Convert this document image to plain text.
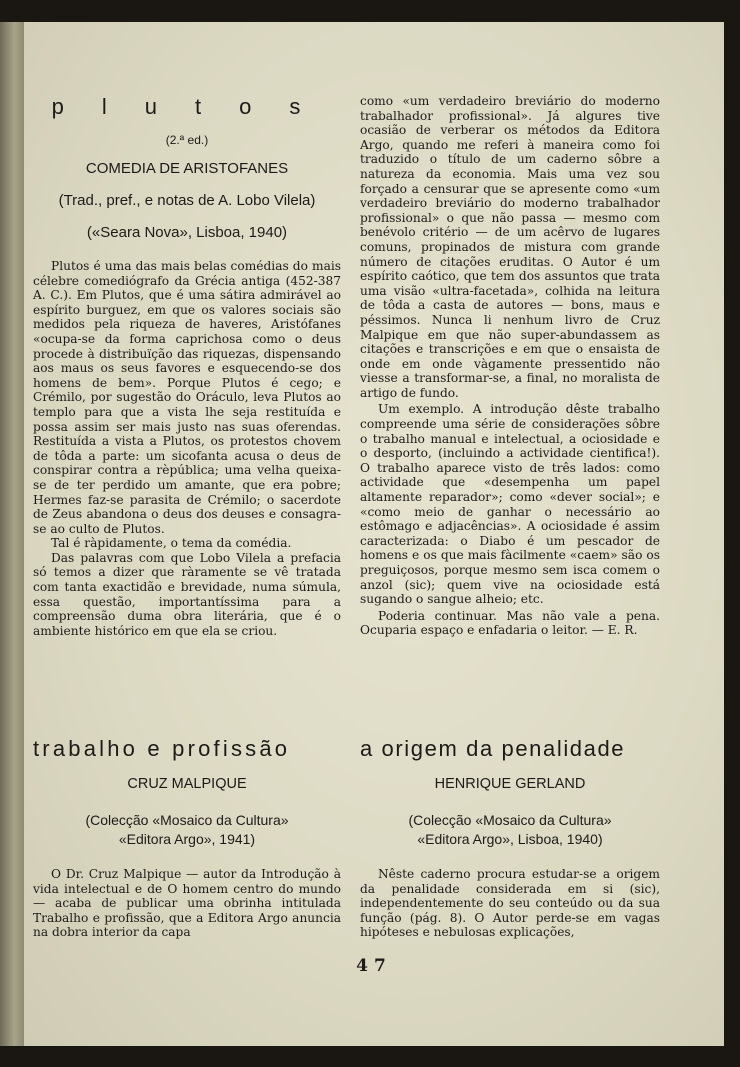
plutos
(2.ª ed.)
COMEDIA DE ARISTOFANES
(Trad., pref., e notas de A. Lobo Vilela)
(«Seara Nova», Lisboa, 1940)

Plutos é uma das mais belas comédias do mais célebre comediógrafo da Grécia antiga (452-387 A. C.). Em Plutos, que é uma sátira admirável ao espírito burguez, em que os valores sociais são medidos pela riqueza de haveres, Aristófanes «ocupa-se da forma caprichosa como o deus procede à distribuïção das riquezas, dispensando aos maus os seus favores e esquecendo-se dos homens de bem». Porque Plutos é cego; e Crémilo, por sugestão do Oráculo, leva Plutos ao templo para que a vista lhe seja restituída e possa assim ser mais justo nas suas oferendas. Restituída a vista a Plutos, os protestos chovem de tôda a parte: um sicofanta acusa o deus de conspirar contra a rèpública; uma velha queixa-se de ter perdido um amante, que era pobre; Hermes faz-se parasita de Crémilo; o sacerdote de Zeus abandona o deus dos deuses e consagra-se ao culto de Plutos.

Tal é ràpidamente, o tema da comédia.

Das palavras com que Lobo Vilela a prefacia só temos a dizer que ràramente se vê tratada com tanta exactidão e brevidade, numa súmula, essa questão, importantíssima para a compreensão duma obra literária, que é o ambiente histórico em que ela se criou.

como «um verdadeiro breviário do moderno trabalhador profissional». Já algures tive ocasião de verberar os métodos da Editora Argo, quando me referi à maneira como foi traduzido o título de um caderno sôbre a natureza da economia. Mais uma vez sou forçado a censurar que se apresente como «um verdadeiro breviário do moderno trabalhador profissional» o que não passa — mesmo com benévolo critério — de um acêrvo de lugares comuns, propinados de mistura com grande número de citações eruditas. O Autor é um espírito caótico, que tem dos assuntos que trata uma visão «ultra-facetada», colhida na leitura de tôda a casta de autores — bons, maus e péssimos. Nunca li nenhum livro de Cruz Malpique em que não super-abundassem as citações e transcrições e em que o ensaista de onde em onde vàgamente pressentido não viesse a transformar-se, a final, no moralista de artigo de fundo.

Um exemplo. A introdução dêste trabalho compreende uma série de considerações sôbre o trabalho manual e intelectual, a ociosidade e o desporto, (incluindo a actividade cientifica!). O trabalho aparece visto de três lados: como actividade que «desempenha um papel altamente reparador»; como «dever social»; e «como meio de ganhar o necessário ao estômago e adjacências». A ociosidade é assim caracterizada: o Diabo é um pescador de homens e os que mais fàcilmente «caem» são os preguiçosos, porque mesmo sem isca comem o anzol (sic); quem vive na ociosidade está sugando o sangue alheio; etc.

Poderia continuar. Mas não vale a pena. Ocuparia espaço e enfadaria o leitor. — E. R.

trabalho e profissão
CRUZ MALPIQUE
(Colecção «Mosaico da Cultura»
«Editora Argo», 1941)

O Dr. Cruz Malpique — autor da Introdução à vida intelectual e de O homem centro do mundo — acaba de publicar uma obrinha intitulada Trabalho e profissão, que a Editora Argo anuncia na dobra interior da capa

a origem da penalidade
HENRIQUE GERLAND
(Colecção «Mosaico da Cultura»
«Editora Argo», Lisboa, 1940)

Nêste caderno procura estudar-se a origem da penalidade considerada em si (sic), independentemente do seu conteúdo ou da sua função (pág. 8). O Autor perde-se em vagas hipóteses e nebulosas explicações,

47
